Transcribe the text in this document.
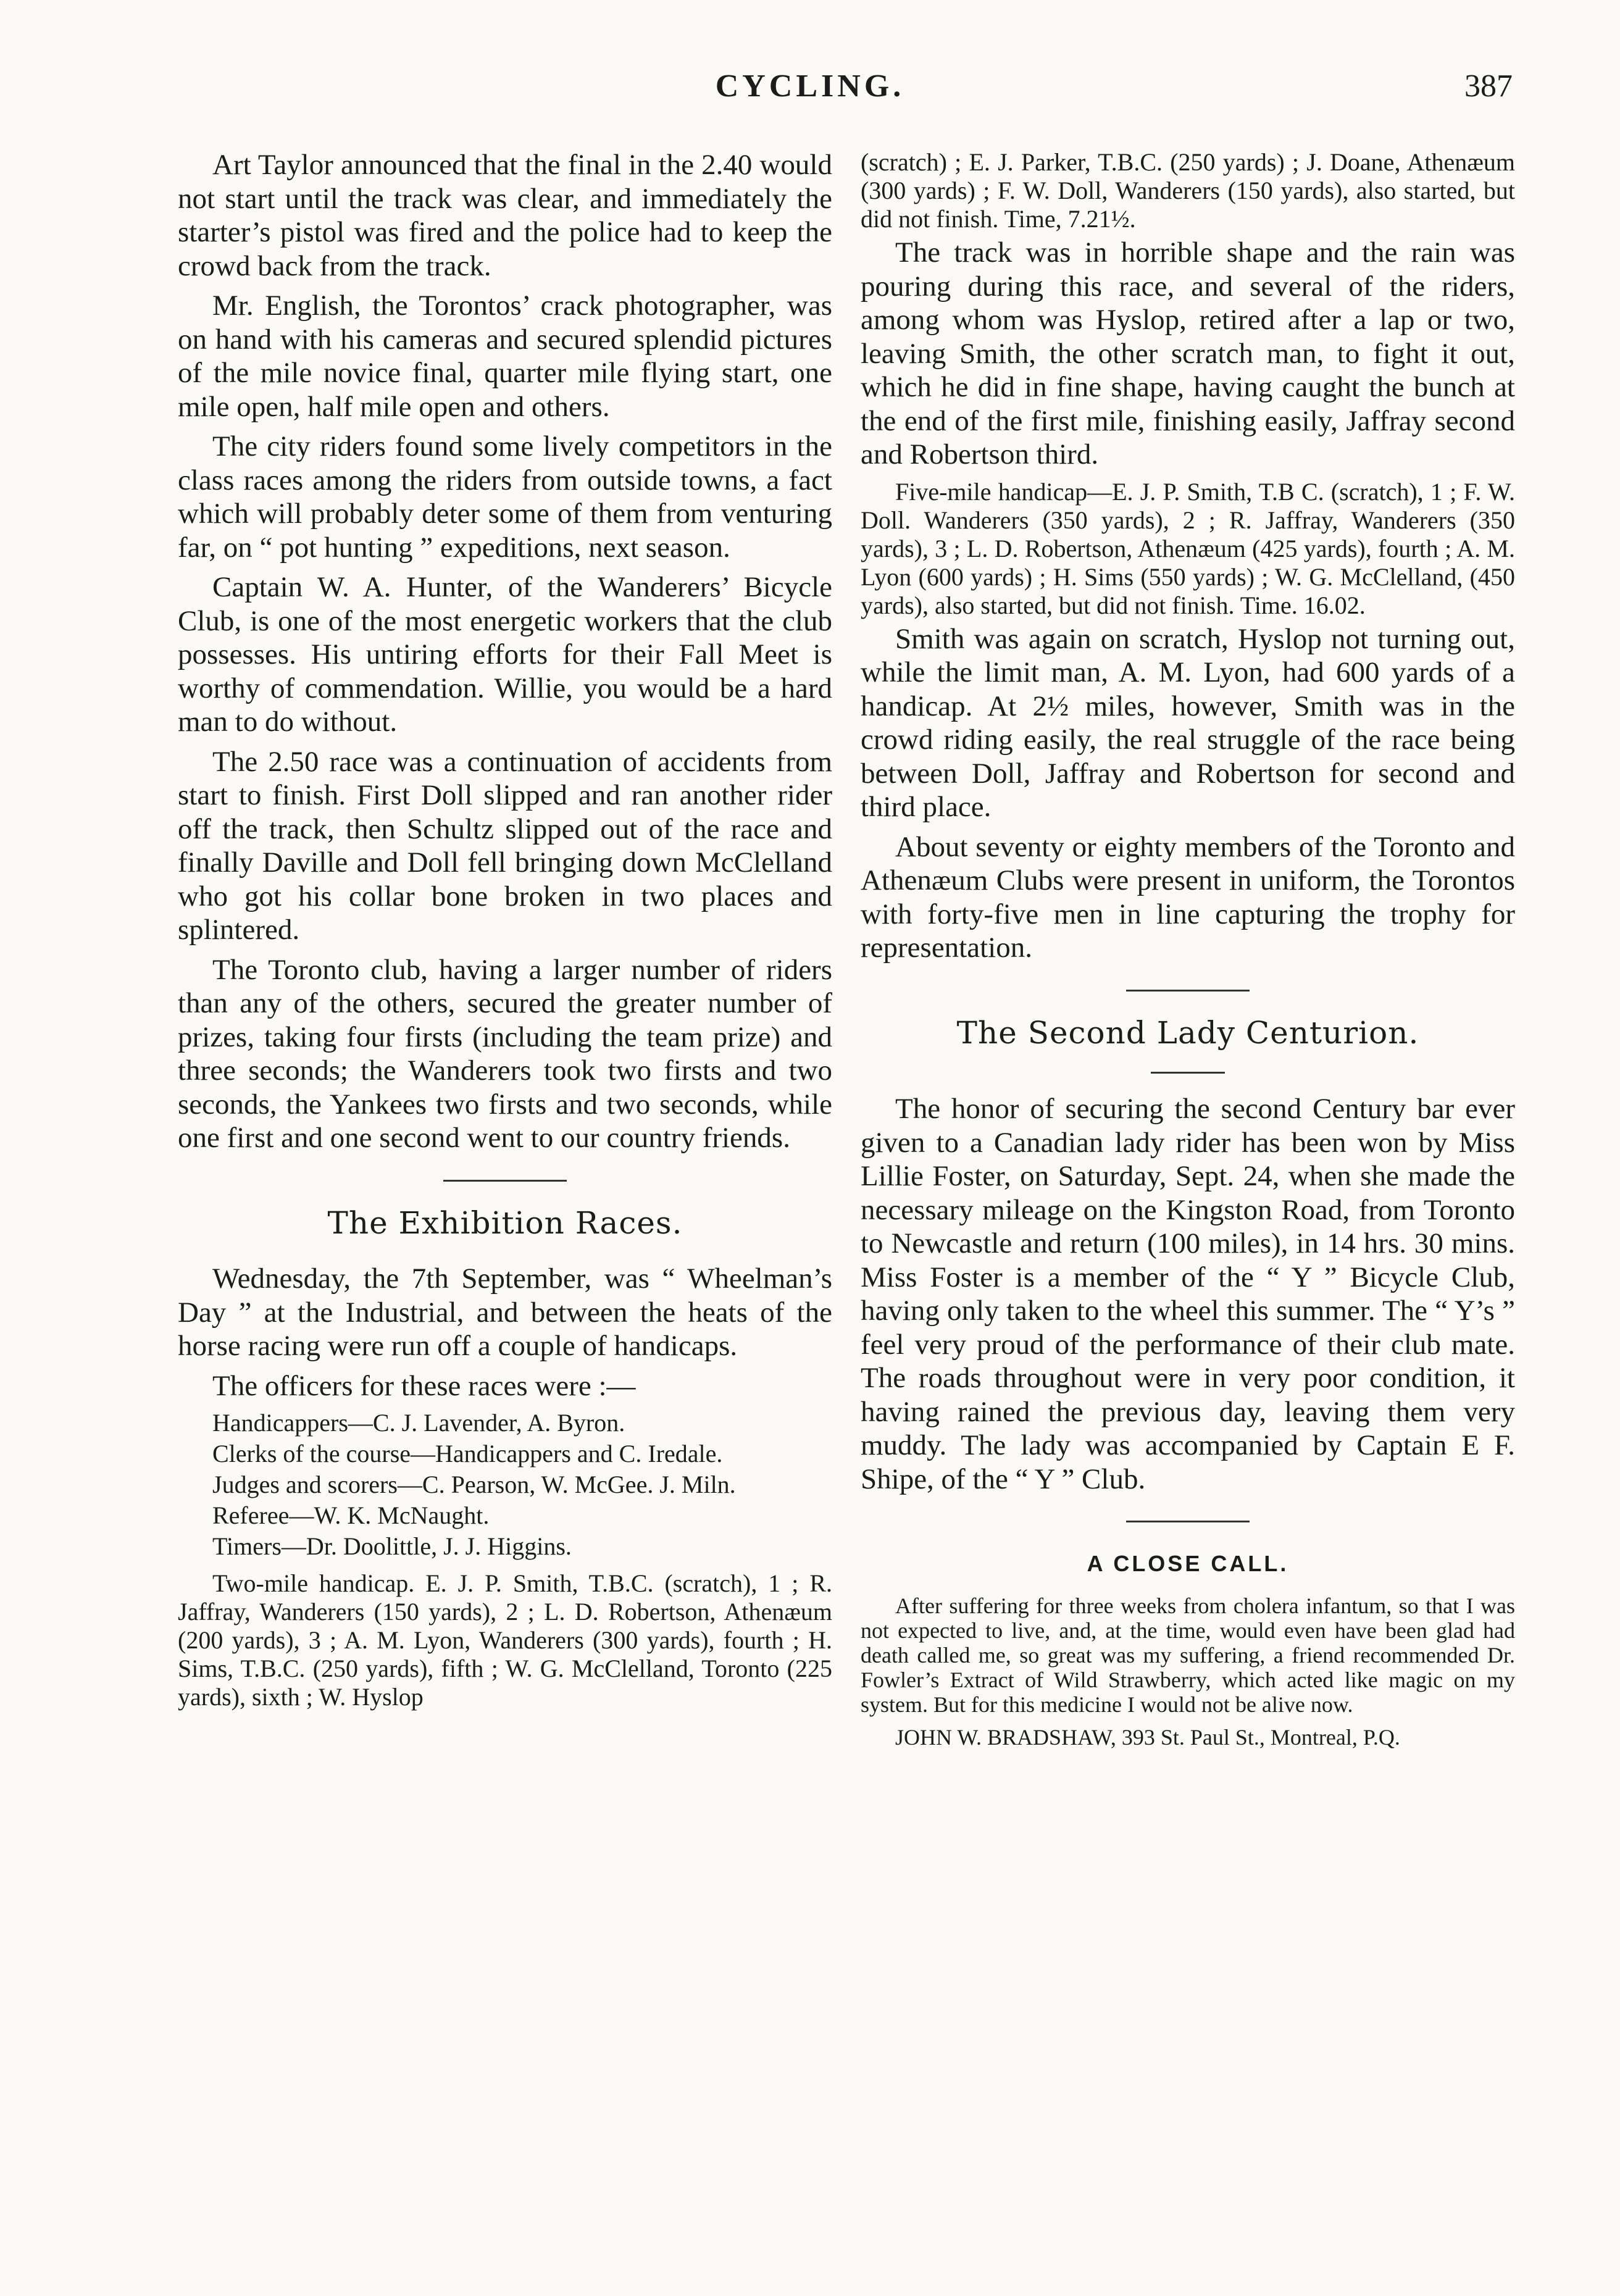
CYCLING.	387

Art Taylor announced that the final in the 2.40 would not start until the track was clear, and immediately the starter’s pistol was fired and the police had to keep the crowd back from the track.

Mr. English, the Torontos’ crack photographer, was on hand with his cameras and secured splendid pictures of the mile novice final, quarter mile flying start, one mile open, half mile open and others.

The city riders found some lively competitors in the class races among the riders from outside towns, a fact which will probably deter some of them from venturing far, on “ pot hunting ” expeditions, next season.

Captain W. A. Hunter, of the Wanderers’ Bicycle Club, is one of the most energetic workers that the club possesses. His untiring efforts for their Fall Meet is worthy of commendation. Willie, you would be a hard man to do without.

The 2.50 race was a continuation of accidents from start to finish. First Doll slipped and ran another rider off the track, then Schultz slipped out of the race and finally Daville and Doll fell bringing down McClelland who got his collar bone broken in two places and splintered.

The Toronto club, having a larger number of riders than any of the others, secured the greater number of prizes, taking four firsts (including the team prize) and three seconds; the Wanderers took two firsts and two seconds, the Yankees two firsts and two seconds, while one first and one second went to our country friends.

The Exhibition Races.

Wednesday, the 7th September, was “ Wheelman’s Day ” at the Industrial, and between the heats of the horse racing were run off a couple of handicaps.

The officers for these races were :—

Handicappers—C. J. Lavender, A. Byron.

Clerks of the course—Handicappers and C. Iredale.

Judges and scorers—C. Pearson, W. McGee. J. Miln.

Referee—W. K. McNaught.

Timers—Dr. Doolittle, J. J. Higgins.

Two-mile handicap. E. J. P. Smith, T.B.C. (scratch), 1 ; R. Jaffray, Wanderers (150 yards), 2 ; L. D. Robertson, Athenæum (200 yards), 3 ; A. M. Lyon, Wanderers (300 yards), fourth ; H. Sims, T.B.C. (250 yards), fifth ; W. G. McClelland, Toronto (225 yards), sixth ; W. Hyslop

(scratch) ; E. J. Parker, T.B.C. (250 yards) ; J. Doane, Athenæum (300 yards) ; F. W. Doll, Wanderers (150 yards), also started, but did not finish. Time, 7.21½.

The track was in horrible shape and the rain was pouring during this race, and several of the riders, among whom was Hyslop, retired after a lap or two, leaving Smith, the other scratch man, to fight it out, which he did in fine shape, having caught the bunch at the end of the first mile, finishing easily, Jaffray second and Robertson third.

Five-mile handicap—E. J. P. Smith, T.B C. (scratch), 1 ; F. W. Doll. Wanderers (350 yards), 2 ; R. Jaffray, Wanderers (350 yards), 3 ; L. D. Robertson, Athenæum (425 yards), fourth ; A. M. Lyon (600 yards) ; H. Sims (550 yards) ; W. G. McClelland, (450 yards), also started, but did not finish. Time. 16.02.

Smith was again on scratch, Hyslop not turning out, while the limit man, A. M. Lyon, had 600 yards of a handicap. At 2½ miles, however, Smith was in the crowd riding easily, the real struggle of the race being between Doll, Jaffray and Robertson for second and third place.

About seventy or eighty members of the Toronto and Athenæum Clubs were present in uniform, the Torontos with forty-five men in line capturing the trophy for representation.

The Second Lady Centurion.

The honor of securing the second Century bar ever given to a Canadian lady rider has been won by Miss Lillie Foster, on Saturday, Sept. 24, when she made the necessary mileage on the Kingston Road, from Toronto to Newcastle and return (100 miles), in 14 hrs. 30 mins. Miss Foster is a member of the “ Y ” Bicycle Club, having only taken to the wheel this summer. The “ Y’s ” feel very proud of the performance of their club mate. The roads throughout were in very poor condition, it having rained the previous day, leaving them very muddy. The lady was accompanied by Captain E F. Shipe, of the “ Y ” Club.

A CLOSE CALL.

After suffering for three weeks from cholera infantum, so that I was not expected to live, and, at the time, would even have been glad had death called me, so great was my suffering, a friend recommended Dr. Fowler’s Extract of Wild Strawberry, which acted like magic on my system. But for this medicine I would not be alive now.

JOHN W. BRADSHAW, 393 St. Paul St., Montreal, P.Q.
